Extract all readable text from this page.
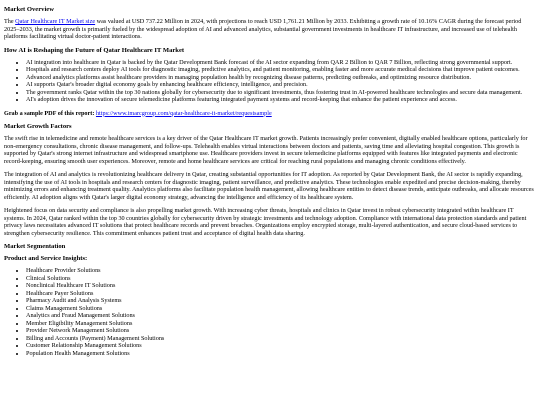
Market Overview

The Qatar Healthcare IT Market size was valued at USD 737.22 Million in 2024, with projections to reach USD 1,761.21 Million by 2033. Exhibiting a growth rate of 10.16% CAGR during the forecast period 2025–2033, the market growth is primarily fueled by the widespread adoption of AI and advanced analytics, substantial government investments in healthcare IT infrastructure, and increased use of telehealth platforms facilitating virtual doctor-patient interactions.

How AI is Reshaping the Future of Qatar Healthcare IT Market
• AI integration into healthcare in Qatar is backed by the Qatar Development Bank forecast of the AI sector expanding from QAR 2 Billion to QAR 7 Billion, reflecting strong governmental support.
• Hospitals and research centers deploy AI tools for diagnostic imaging, predictive analytics, and patient monitoring, enabling faster and more accurate medical decisions that improve patient outcomes.
• Advanced analytics platforms assist healthcare providers in managing population health by recognizing disease patterns, predicting outbreaks, and optimizing resource distribution.
• AI supports Qatar's broader digital economy goals by enhancing healthcare efficiency, intelligence, and precision.
• The government ranks Qatar within the top 30 nations globally for cybersecurity due to significant investments, thus fostering trust in AI-powered healthcare technologies and secure data management.
• AI's adoption drives the innovation of secure telemedicine platforms featuring integrated payment systems and record-keeping that enhance the patient experience and access.

Grab a sample PDF of this report: https://www.imarcgroup.com/qatar-healthcare-it-market/requestsample

Market Growth Factors

The swift rise in telemedicine and remote healthcare services is a key driver of the Qatar Healthcare IT market growth. Patients increasingly prefer convenient, digitally enabled healthcare options, particularly for non-emergency consultations, chronic disease management, and follow-ups. Telehealth enables virtual interactions between doctors and patients, saving time and alleviating hospital congestion. This growth is supported by Qatar's strong internet infrastructure and widespread smartphone use. Healthcare providers invest in secure telemedicine platforms equipped with features like integrated payments and electronic record-keeping, ensuring smooth user experiences. Moreover, remote and home healthcare services are critical for reaching rural populations and managing chronic conditions effectively.

The integration of AI and analytics is revolutionizing healthcare delivery in Qatar, creating substantial opportunities for IT adoption. As reported by Qatar Development Bank, the AI sector is rapidly expanding, intensifying the use of AI tools in hospitals and research centers for diagnostic imaging, patient surveillance, and predictive analytics. These technologies enable expedited and precise decision-making, thereby minimizing errors and enhancing treatment quality. Analytics platforms also facilitate population health management, allowing healthcare entities to detect disease trends, anticipate outbreaks, and allocate resources efficiently. AI adoption aligns with Qatar's larger digital economy strategy, advancing the intelligence and efficiency of its healthcare system.

Heightened focus on data security and compliance is also propelling market growth. With increasing cyber threats, hospitals and clinics in Qatar invest in robust cybersecurity integrated within healthcare IT systems. In 2024, Qatar ranked within the top 30 countries globally for cybersecurity driven by strategic investments and technology adoption. Compliance with international data protection standards and patient privacy laws necessitates advanced IT solutions that protect healthcare records and prevent breaches. Organizations employ encrypted storage, multi-layered authentication, and secure cloud-based services to strengthen cybersecurity resilience. This commitment enhances patient trust and acceptance of digital health data sharing.

Market Segmentation
Product and Service Insights:
• Healthcare Provider Solutions
• Clinical Solutions
• Nonclinical Healthcare IT Solutions
• Healthcare Payer Solutions
• Pharmacy Audit and Analysis Systems
• Claims Management Solutions
• Analytics and Fraud Management Solutions
• Member Eligibility Management Solutions
• Provider Network Management Solutions
• Billing and Accounts (Payment) Management Solutions
• Customer Relationship Management Solutions
• Population Health Management Solutions
